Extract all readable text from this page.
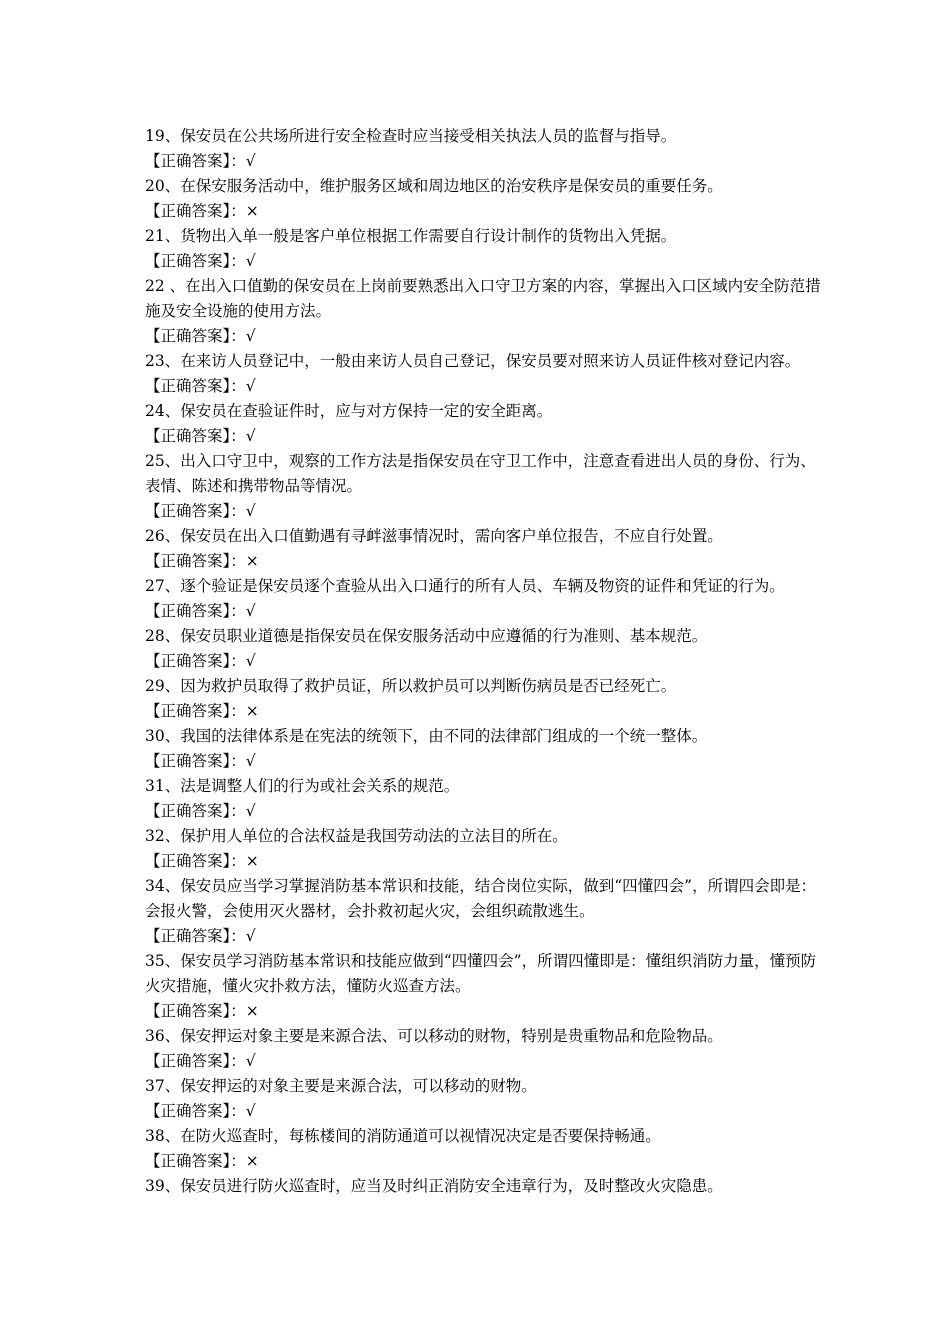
19、保安员在公共场所进行安全检查时应当接受相关执法人员的监督与指导。
【正确答案】：√
20、在保安服务活动中，维护服务区域和周边地区的治安秩序是保安员的重要任务。
【正确答案】：×
21、货物出入单一般是客户单位根据工作需要自行设计制作的货物出入凭据。
【正确答案】：√
22 、在出入口值勤的保安员在上岗前要熟悉出入口守卫方案的内容，掌握出入口区域内安全防范措施及安全设施的使用方法。
【正确答案】：√
23、在来访人员登记中，一般由来访人员自己登记，保安员要对照来访人员证件核对登记内容。
【正确答案】：√
24、保安员在查验证件时，应与对方保持一定的安全距离。
【正确答案】：√
25、出入口守卫中，观察的工作方法是指保安员在守卫工作中，注意查看进出人员的身份、行为、表情、陈述和携带物品等情况。
【正确答案】：√
26、保安员在出入口值勤遇有寻衅滋事情况时，需向客户单位报告，不应自行处置。
【正确答案】：×
27、逐个验证是保安员逐个查验从出入口通行的所有人员、车辆及物资的证件和凭证的行为。
【正确答案】：√
28、保安员职业道德是指保安员在保安服务活动中应遵循的行为准则、基本规范。
【正确答案】：√
29、因为救护员取得了救护员证，所以救护员可以判断伤病员是否已经死亡。
【正确答案】：×
30、我国的法律体系是在宪法的统领下，由不同的法律部门组成的一个统一整体。
【正确答案】：√
31、法是调整人们的行为或社会关系的规范。
【正确答案】：√
32、保护用人单位的合法权益是我国劳动法的立法目的所在。
【正确答案】：×
34、保安员应当学习掌握消防基本常识和技能，结合岗位实际，做到“四懂四会”，所谓四会即是：会报火警，会使用灭火器材，会扑救初起火灾，会组织疏散逃生。
【正确答案】：√
35、保安员学习消防基本常识和技能应做到“四懂四会”，所谓四懂即是：懂组织消防力量，懂预防火灾措施，懂火灾扑救方法，懂防火巡查方法。
【正确答案】：×
36、保安押运对象主要是来源合法、可以移动的财物，特别是贵重物品和危险物品。
【正确答案】：√
37、保安押运的对象主要是来源合法，可以移动的财物。
【正确答案】：√
38、在防火巡查时，每栋楼间的消防通道可以视情况决定是否要保持畅通。
【正确答案】：×
39、保安员进行防火巡查时，应当及时纠正消防安全违章行为，及时整改火灾隐患。
